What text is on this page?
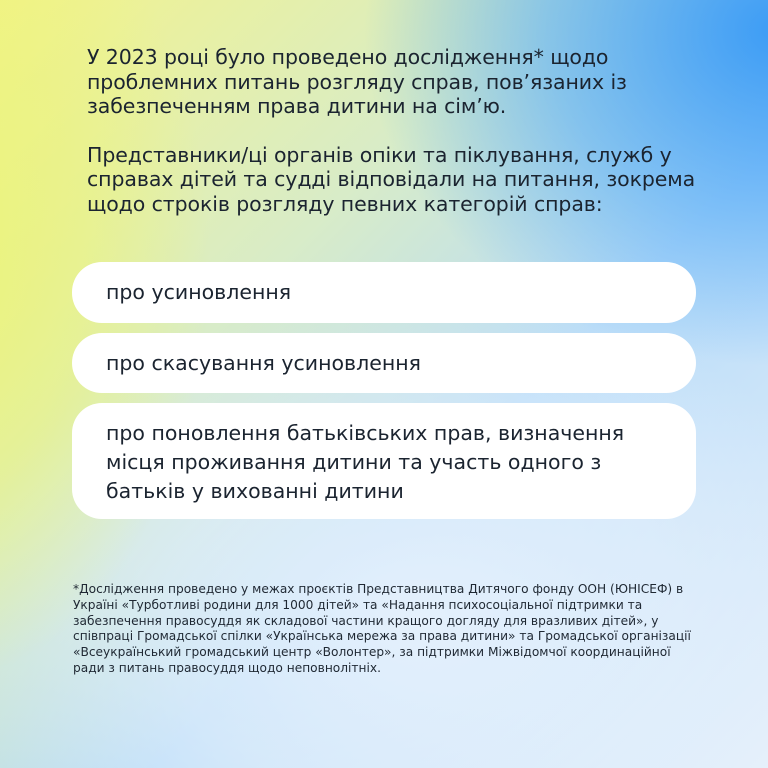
У 2023 році було проведено дослідження* щодо проблемних питань розгляду справ, пов’язаних із забезпеченням права дитини на сім’ю.

Представники/ці органів опіки та піклування, служб у справах дітей та судді відповідали на питання, зокрема щодо строків розгляду певних категорій справ:

про усиновлення
про скасування усиновлення
про поновлення батьківських прав, визначення місця проживання дитини та участь одного з батьків у вихованні дитини

*Дослідження проведено у межах проєктів Представництва Дитячого фонду ООН (ЮНІСЕФ) в Україні «Турботливі родини для 1000 дітей» та «Надання психосоціальної підтримки та забезпечення правосуддя як складової частини кращого догляду для вразливих дітей», у співпраці Громадської спілки «Українська мережа за права дитини» та Громадської організації «Всеукраїнський громадський центр «Волонтер», за підтримки Міжвідомчої координаційної ради з питань правосуддя щодо неповнолітніх.
